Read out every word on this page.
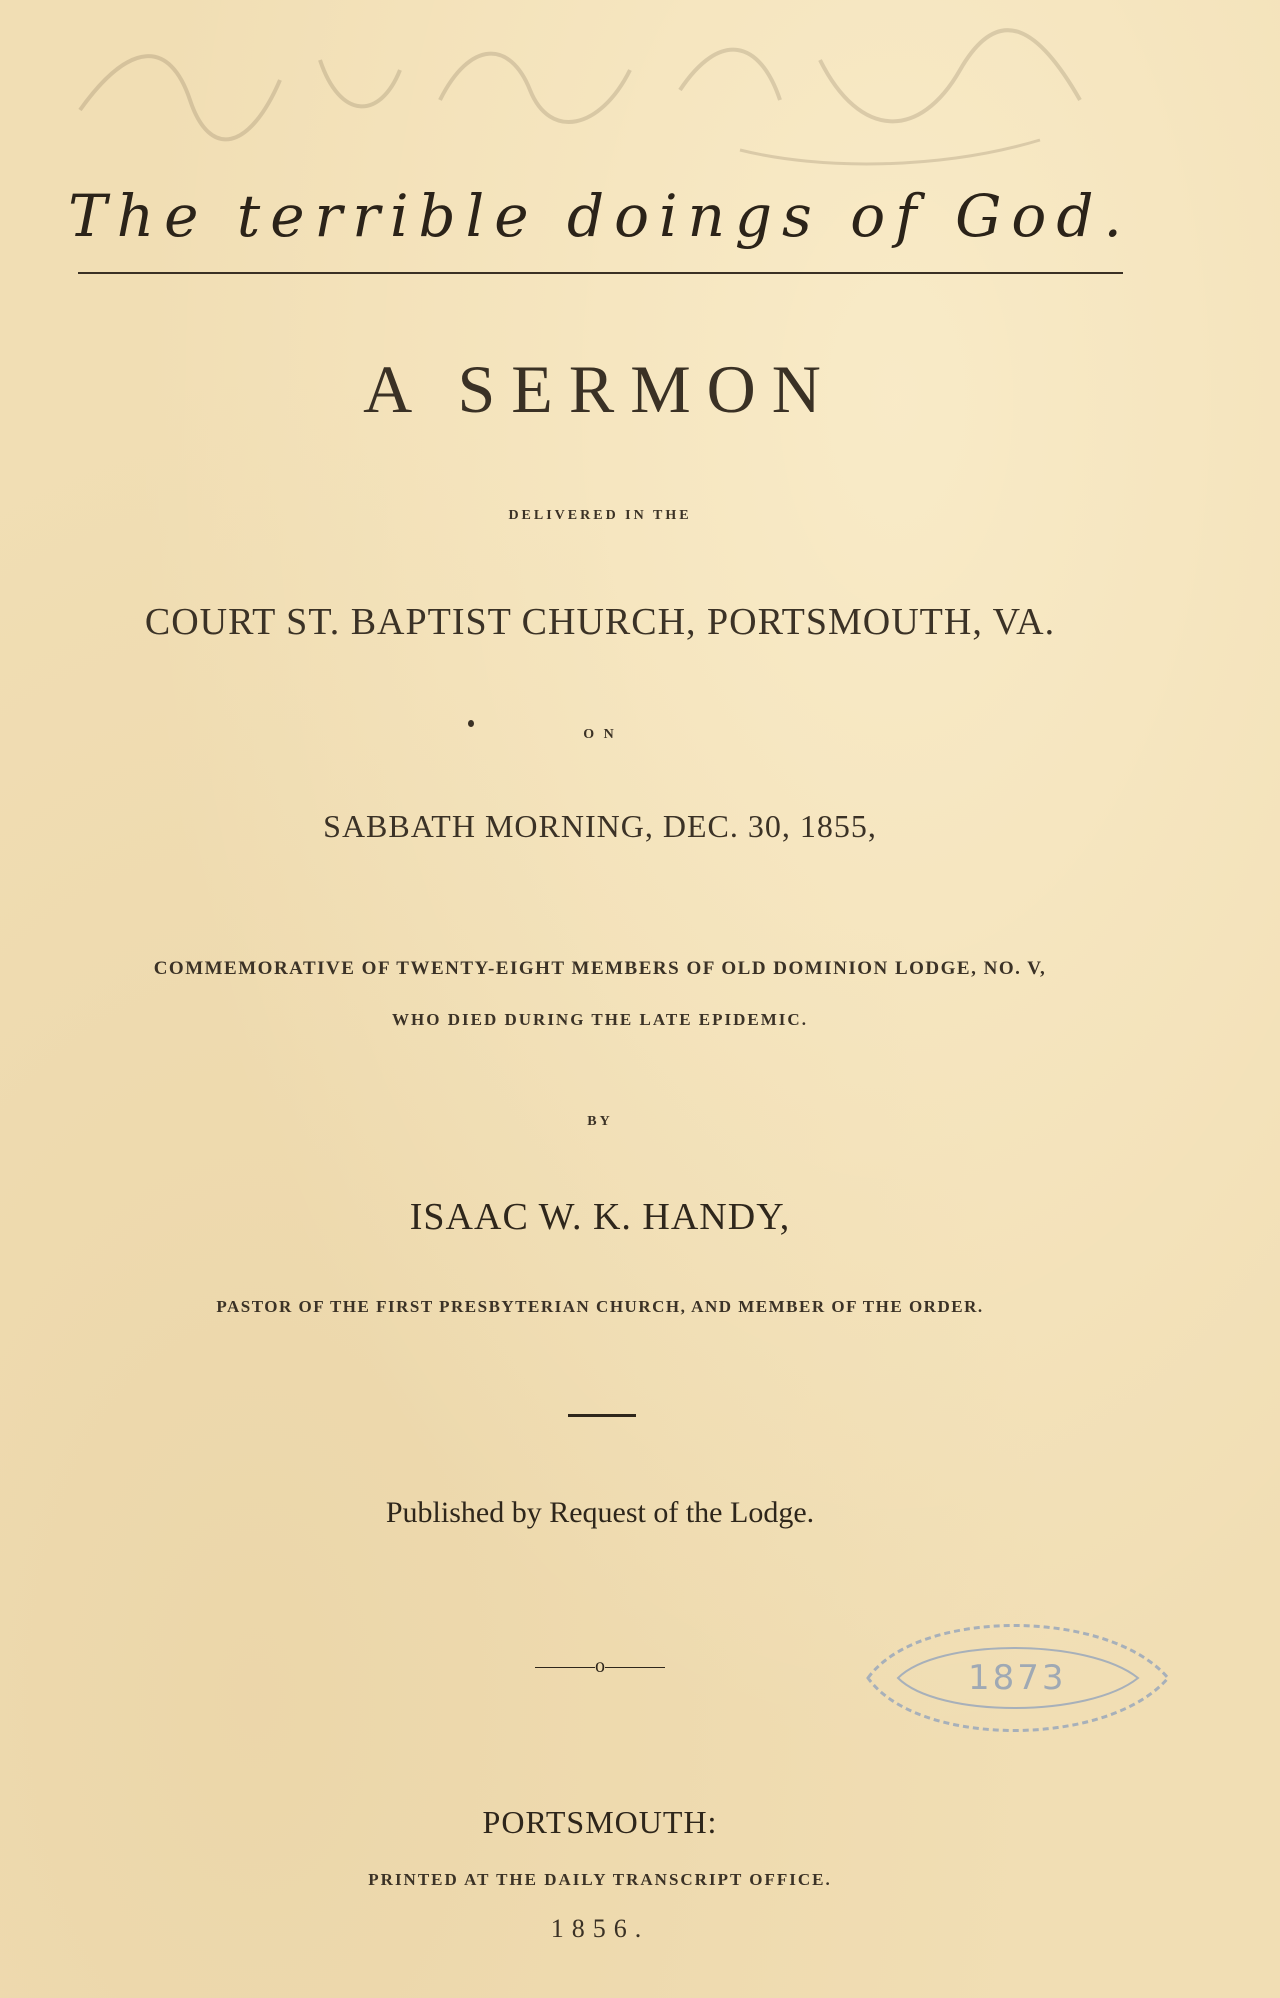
The terrible doings of God.
A SERMON
DELIVERED IN THE
COURT ST. BAPTIST CHURCH, PORTSMOUTH, VA.
O N
SABBATH MORNING, DEC. 30, 1855,
COMMEMORATIVE OF TWENTY-EIGHT MEMBERS OF OLD DOMINION LODGE, NO. V,
WHO DIED DURING THE LATE EPIDEMIC.
BY
ISAAC W. K. HANDY,
PASTOR OF THE FIRST PRESBYTERIAN CHURCH, AND MEMBER OF THE ORDER.
Published by Request of the Lodge.
o	1873
PORTSMOUTH:
PRINTED AT THE DAILY TRANSCRIPT OFFICE.
1856.
